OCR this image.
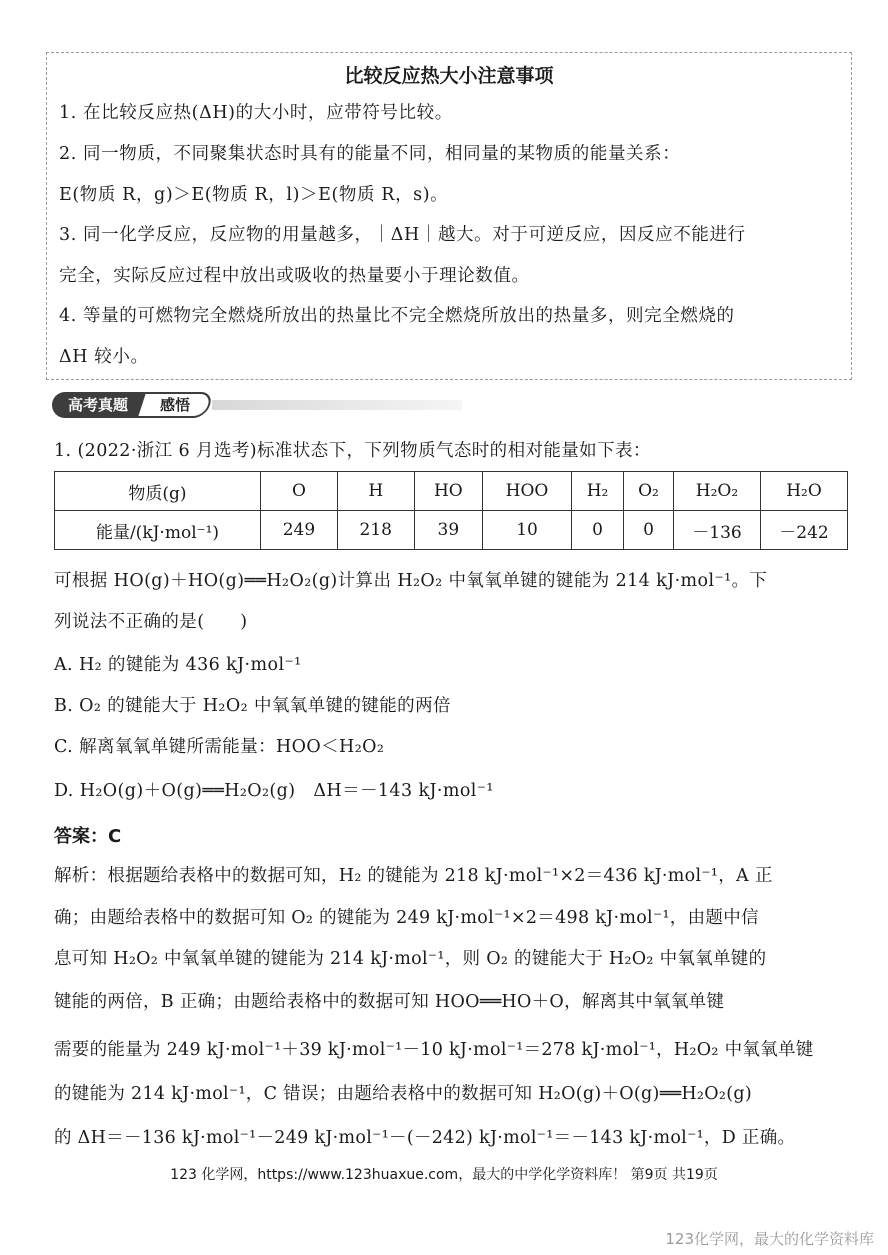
比较反应热大小注意事项
1. 在比较反应热(ΔH)的大小时，应带符号比较。
2. 同一物质，不同聚集状态时具有的能量不同，相同量的某物质的能量关系：
E(物质 R，g)＞E(物质 R，l)＞E(物质 R，s)。
3. 同一化学反应，反应物的用量越多，｜ΔH｜越大。对于可逆反应，因反应不能进行
完全，实际反应过程中放出或吸收的热量要小于理论数值。
4. 等量的可燃物完全燃烧所放出的热量比不完全燃烧所放出的热量多，则完全燃烧的
ΔH 较小。
高考真题	感悟
1. (2022·浙江 6 月选考)标准状态下，下列物质气态时的相对能量如下表：
物质(g)	O	H	HO	HOO	H₂	O₂	H₂O₂	H₂O
能量/(kJ·mol⁻¹)	249	218	39	10	0	0	－136	－242
可根据 HO(g)＋HO(g)══H₂O₂(g)计算出 H₂O₂ 中氧氧单键的键能为 214 kJ·mol⁻¹。下
列说法不正确的是(　　)
A. H₂ 的键能为 436 kJ·mol⁻¹
B. O₂ 的键能大于 H₂O₂ 中氧氧单键的键能的两倍
C. 解离氧氧单键所需能量：HOO＜H₂O₂
D. H₂O(g)＋O(g)══H₂O₂(g)　ΔH＝－143 kJ·mol⁻¹
答案：C
解析：根据题给表格中的数据可知，H₂ 的键能为 218 kJ·mol⁻¹×2＝436 kJ·mol⁻¹，A 正
确；由题给表格中的数据可知 O₂ 的键能为 249 kJ·mol⁻¹×2＝498 kJ·mol⁻¹，由题中信
息可知 H₂O₂ 中氧氧单键的键能为 214 kJ·mol⁻¹，则 O₂ 的键能大于 H₂O₂ 中氧氧单键的
键能的两倍，B 正确；由题给表格中的数据可知 HOO══HO＋O，解离其中氧氧单键
需要的能量为 249 kJ·mol⁻¹＋39 kJ·mol⁻¹－10 kJ·mol⁻¹＝278 kJ·mol⁻¹，H₂O₂ 中氧氧单键
的键能为 214 kJ·mol⁻¹，C 错误；由题给表格中的数据可知 H₂O(g)＋O(g)══H₂O₂(g)
的 ΔH＝－136 kJ·mol⁻¹－249 kJ·mol⁻¹－(－242) kJ·mol⁻¹＝－143 kJ·mol⁻¹，D 正确。
123 化学网，https://www.123huaxue.com，最大的中学化学资料库！ 第9页 共19页
123化学网，最大的化学资料库
